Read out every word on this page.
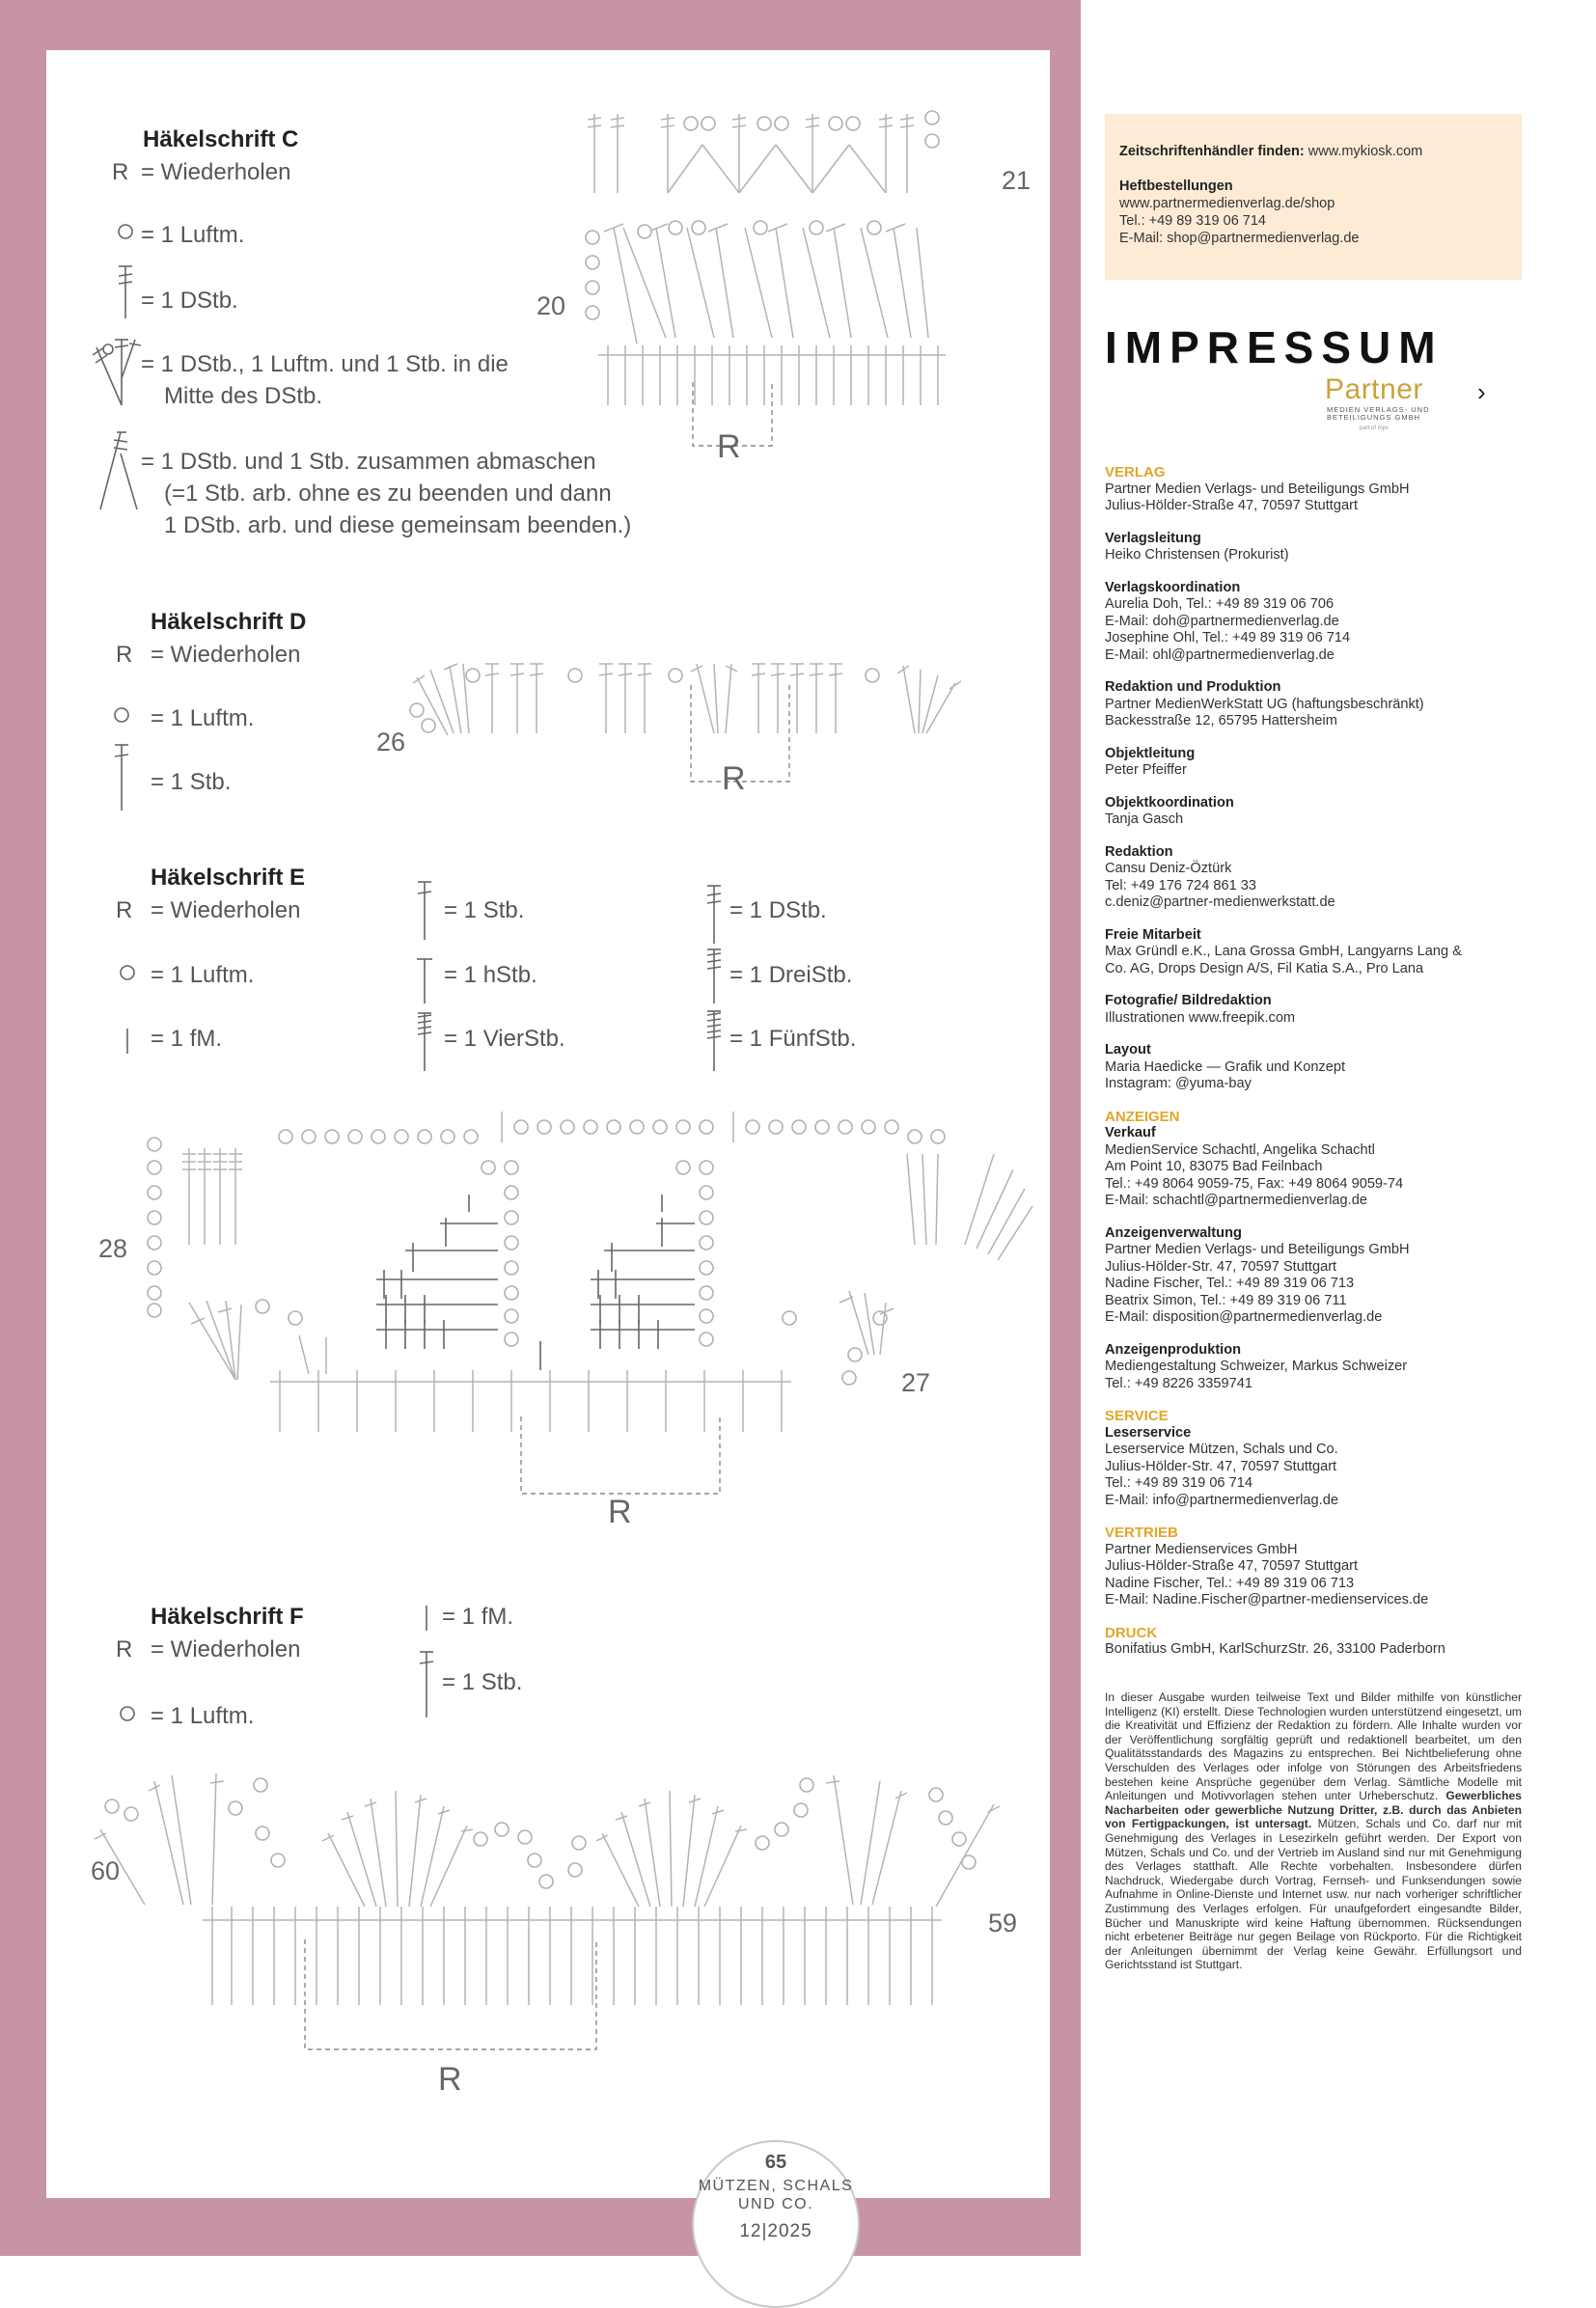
Häkelschrift C
R = Wiederholen
= 1 Luftm.
= 1 DStb.
= 1 DStb., 1 Luftm. und 1 Stb. in die
Mitte des DStb.
= 1 DStb. und 1 Stb. zusammen abmaschen
(=1 Stb. arb. ohne es zu beenden und dann
1 DStb. arb. und diese gemeinsam beenden.)
R
20
21
Häkelschrift D
R = Wiederholen
= 1 Luftm.
= 1 Stb.	R
26
Häkelschrift E
R = Wiederholen
= 1 Luftm.
= 1 fM.
= 1 Stb.
= 1 hStb.
= 1 VierStb.
= 1 DStb.
= 1 DreiStb.
= 1 FünfStb.
R
28
27
Häkelschrift F
R = Wiederholen
= 1 Luftm.
= 1 fM.
= 1 Stb.
R
60
59
Zeitschriftenhändler finden: www.mykiosk.com
Heftbestellungen
www.partnermedienverlag.de/shop
Tel.: +49 89 319 06 714
E-Mail: shop@partnermedienverlag.de
IMPRESSUM
Partner ›
MEDIEN VERLAGS- UND
BETEILIGUNGS GMBH
part of mpv
VERLAG
Partner Medien Verlags- und Beteiligungs GmbH
Julius-Hölder-Straße 47, 70597 Stuttgart
Verlagsleitung
Heiko Christensen (Prokurist)
Verlagskoordination
Aurelia Doh, Tel.: +49 89 319 06 706
E-Mail: doh@partnermedienverlag.de
Josephine Ohl, Tel.: +49 89 319 06 714
E-Mail: ohl@partnermedienverlag.de
Redaktion und Produktion
Partner MedienWerkStatt UG (haftungsbeschränkt)
Backesstraße 12, 65795 Hattersheim
Objektleitung
Peter Pfeiffer
Objektkoordination
Tanja Gasch
Redaktion
Cansu Deniz-Öztürk
Tel: +49 176 724 861 33
c.deniz@partner-medienwerkstatt.de
Freie Mitarbeit
Max Gründl e.K., Lana Grossa GmbH, Langyarns Lang &
Co. AG, Drops Design A/S, Fil Katia S.A., Pro Lana
Fotografie/ Bildredaktion
Illustrationen www.freepik.com
Layout
Maria Haedicke — Grafik und Konzept
Instagram: @yuma-bay
ANZEIGEN
Verkauf
MedienService Schachtl, Angelika Schachtl
Am Point 10, 83075 Bad Feilnbach
Tel.: +49 8064 9059-75, Fax: +49 8064 9059-74
E-Mail: schachtl@partnermedienverlag.de
Anzeigenverwaltung
Partner Medien Verlags- und Beteiligungs GmbH
Julius-Hölder-Str. 47, 70597 Stuttgart
Nadine Fischer, Tel.: +49 89 319 06 713
Beatrix Simon, Tel.: +49 89 319 06 711
E-Mail: disposition@partnermedienverlag.de
Anzeigenproduktion
Mediengestaltung Schweizer, Markus Schweizer
Tel.: +49 8226 3359741
SERVICE
Leserservice
Leserservice Mützen, Schals und Co.
Julius-Hölder-Str. 47, 70597 Stuttgart
Tel.: +49 89 319 06 714
E-Mail: info@partnermedienverlag.de
VERTRIEB
Partner Medienservices GmbH
Julius-Hölder-Straße 47, 70597 Stuttgart
Nadine Fischer, Tel.: +49 89 319 06 713
E-Mail: Nadine.Fischer@partner-medienservices.de
DRUCK
Bonifatius GmbH, KarlSchurzStr. 26, 33100 Paderborn
In dieser Ausgabe wurden teilweise Text und Bilder mithilfe von künstlicher Intelligenz (KI) erstellt. Diese Technologien wurden unterstützend eingesetzt, um die Kreativität und Effizienz der Redaktion zu fördern. Alle Inhalte wurden vor der Veröffentlichung sorgfältig geprüft und redaktionell bearbeitet, um den Qualitätsstandards des Magazins zu entsprechen. Bei Nichtbelieferung ohne Verschulden des Verlages oder infolge von Störungen des Arbeitsfriedens bestehen keine Ansprüche gegenüber dem Verlag. Sämtliche Modelle mit Anleitungen und Motivvorlagen stehen unter Urheberschutz. Gewerbliches Nacharbeiten oder gewerbliche Nutzung Dritter, z.B. durch das Anbieten von Fertigpackungen, ist untersagt. Mützen, Schals und Co. darf nur mit Genehmigung des Verlages in Lesezirkeln geführt werden. Der Export von Mützen, Schals und Co. und der Vertrieb im Ausland sind nur mit Genehmigung des Verlages statthaft. Alle Rechte vorbehalten. Insbesondere dürfen Nachdruck, Wiedergabe durch Vortrag, Fernseh- und Funksendungen sowie Aufnahme in Online-Dienste und Internet usw. nur nach vorheriger schriftlicher Zustimmung des Verlages erfolgen. Für unaufgefordert eingesandte Bilder, Bücher und Manuskripte wird keine Haftung übernommen. Rücksendungen nicht erbetener Beiträge nur gegen Beilage von Rückporto. Für die Richtigkeit der Anleitungen übernimmt der Verlag keine Gewähr. Erfüllungsort und Gerichtsstand ist Stuttgart.
65
MÜTZEN, SCHALS
UND CO.
12|2025
